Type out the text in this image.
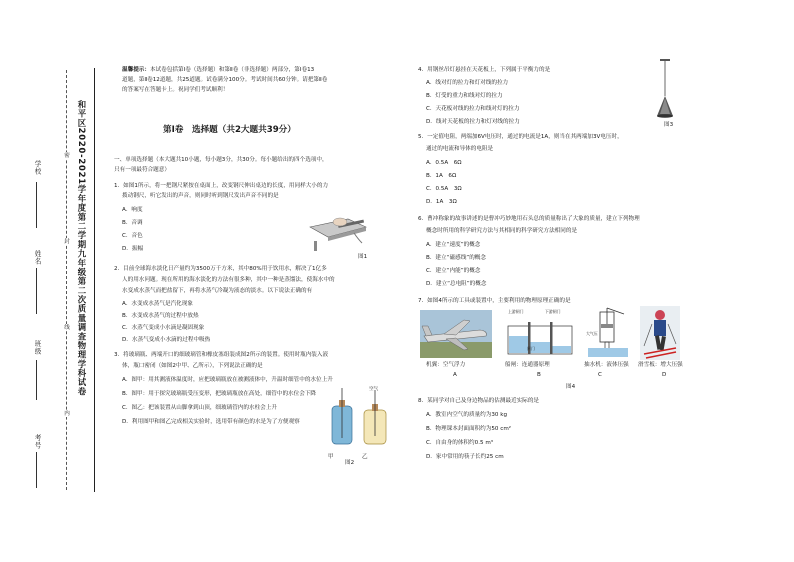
学校
班级
姓名
考号
密
封
线
内
和平区2020-2021学年度第二学期九年级第二次质量调查物理学科试卷
温馨提示：本试卷包括第Ⅰ卷（选择题）和第Ⅱ卷（非选择题）两部分，第Ⅰ卷13
道题，第Ⅱ卷12道题，共25道题。试卷满分100分。考试时间共60分钟。请把第Ⅱ卷
的答案写在答题卡上。祝同学们考试顺利！
第Ⅰ卷　选择题（共2大题共39分）
一、单项选择题（本大题共10小题，每小题3分，共30分。每小题给出的四个选项中，
只有一项最符合题意）
1．如图1所示，将一把钢尺紧按在桌面上，改变钢尺伸出桌边的长度，用同样大小的力
拨动钢尺，听它发出的声音，则同时听到钢尺发出声音不同的是
A．响度
B．音调
C．音色
D．振幅
图1
2．目前全球海水淡化日产量约为3500万千方米，其中80%用于饮用水，解决了1亿多
人的用水问题。现在所用的海水淡化的方法有很多种，其中一种是蒸馏法，使海水中的
水变成水蒸气而把盐留下，再将水蒸气冷凝为液态的淡水。以下说法正确的有
A．水变成水蒸气是汽化现象
B．水变成水蒸气的过程中放热
C．水蒸气变成小水滴是凝固现象
D．水蒸气变成小水滴的过程中吸热
3．将玻璃瓶、两端开口的细玻璃管和橡皮塞组装成图2所示的装置。使用时瓶内装入液
体，瓶口密闭（如图2中甲、乙所示），下列说法正确的是
A．图甲：用其测液体温度时，应把玻璃瓶放在被测液体中，升温时细管中的水位上升
B．图甲：用于探究玻璃瓶受压变形，把玻璃瓶放在高处，细管中的水位会下降
C．图乙：把该装置从山脚拿到山顶，细玻璃管内的水柱会上升
D．利用图甲和图乙完成相关实验时，选用带有颜色的水是为了方便观察
甲	乙
空气
图2
4．用钢丝吊灯悬挂在天花板上，下列属于平衡力的是
A．线对灯的拉力和灯对线的拉力
B．灯受的重力和线对灯的拉力
C．天花板对线的拉力和线对灯的拉力
D．线对天花板的拉力和灯对线的拉力	图3
5．一定值电阻，两端加6V电压时，通过的电流是1A，则当在其两端加3V电压时，
通过的电流和导体的电阻是
A．0.5A　6Ω
B．1A　6Ω
C．0.5A　3Ω
D．1A　3Ω
6．曹冲称象的故事讲述的是曹冲巧妙地用石头总的质量称出了大象的质量，建立下列物理
概念时所用的科学研究方法与其相同的科学研究方法相同的是
A．建立“速度”的概念
B．建立“磁感线”的概念
C．建立“内能”的概念
D．建立“总电阻”的概念
7．如图4所示的工具或装置中，主要利用的物理原理正确的是
上游闸门	下游闸门
闸门
大气压
机翼：空气浮力	船闸：连通器原理	抽水机：液体压强 滑雪板：增大压强
A	B	C	D
图4
8．某同学对自己及身边物品的估测最近实际的是
A．教室内空气的质量约为30 kg
B．物理课本封面面积约为50 cm²
C．自由身的体积约0.5 m³
D．家中常用的筷子长约25 cm
